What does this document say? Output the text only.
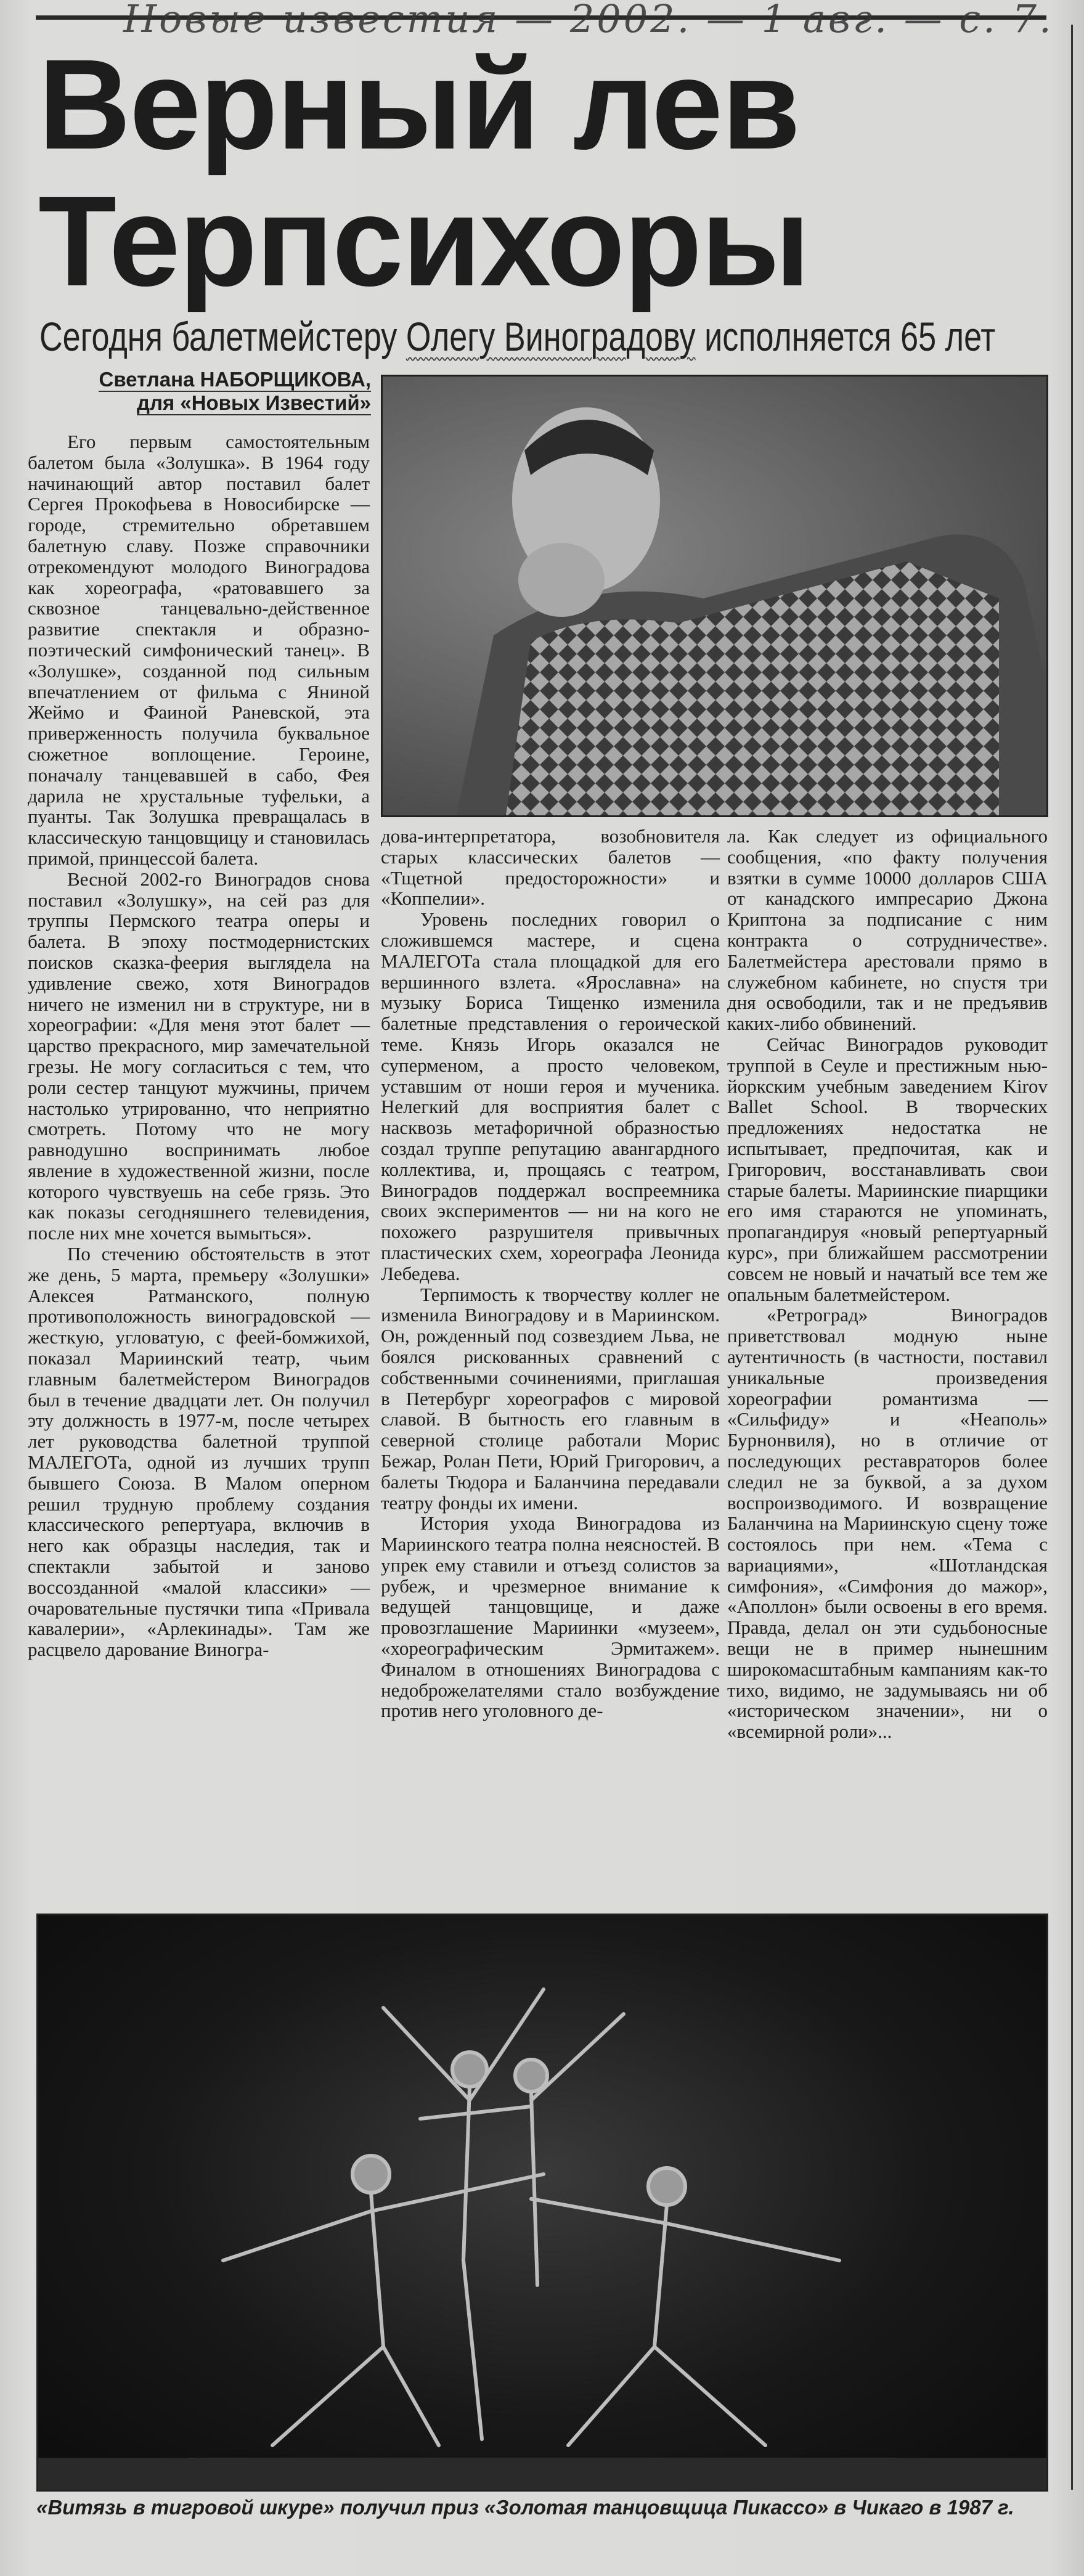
Новые известия — 2002. — 1 авг. — с. 7.
Верный лев
Терпсихоры
Сегодня балетмейстеру Олегу Виноградову исполняется 65 лет
Светлана НАБОРЩИКОВА,
для «Новых Известий»

Его первым самостоятельным балетом была «Золушка». В 1964 году начинающий автор поставил балет Сергея Прокофьева в Новосибирске — городе, стремительно обретавшем балетную славу. Позже справочники отрекомендуют молодого Виноградова как хореографа, «ратовавшего за сквозное танцевально-действенное развитие спектакля и образно-поэтический симфонический танец». В «Золушке», созданной под сильным впечатлением от фильма с Яниной Жеймо и Фаиной Раневской, эта приверженность получила буквальное сюжетное воплощение. Героине, поначалу танцевавшей в сабо, Фея дарила не хрустальные туфельки, а пуанты. Так Золушка превращалась в классическую танцовщицу и становилась примой, принцессой балета.

Весной 2002-го Виноградов снова поставил «Золушку», на сей раз для труппы Пермского театра оперы и балета. В эпоху постмодернистских поисков сказка-феерия выглядела на удивление свежо, хотя Виноградов ничего не изменил ни в структуре, ни в хореографии: «Для меня этот балет — царство прекрасного, мир замечательной грезы. Не могу согласиться с тем, что роли сестер танцуют мужчины, причем настолько утрированно, что неприятно смотреть. Потому что не могу равнодушно воспринимать любое явление в художественной жизни, после которого чувствуешь на себе грязь. Это как показы сегодняшнего телевидения, после них мне хочется вымыться».

По стечению обстоятельств в этот же день, 5 марта, премьеру «Золушки» Алексея Ратманского, полную противоположность виноградовской — жесткую, угловатую, с феей-бомжихой, показал Мариинский театр, чьим главным балетмейстером Виноградов был в течение двадцати лет. Он получил эту должность в 1977-м, после четырех лет руководства балетной труппой МАЛЕГОТа, одной из лучших трупп бывшего Союза. В Малом оперном решил трудную проблему создания классического репертуара, включив в него как образцы наследия, так и спектакли забытой и заново воссозданной «малой классики» — очаровательные пустячки типа «Привала кавалерии», «Арлекинады». Там же расцвело дарование Виногра-

дова-интерпретатора, возобновителя старых классических балетов — «Тщетной предосторожности» и «Коппелии».

Уровень последних говорил о сложившемся мастере, и сцена МАЛЕГОТа стала площадкой для его вершинного взлета. «Ярославна» на музыку Бориса Тищенко изменила балетные представления о героической теме. Князь Игорь оказался не суперменом, а просто человеком, уставшим от ноши героя и мученика. Нелегкий для восприятия балет с насквозь метафоричной образностью создал труппе репутацию авангардного коллектива, и, прощаясь с театром, Виноградов поддержал воспреемника своих экспериментов — ни на кого не похожего разрушителя привычных пластических схем, хореографа Леонида Лебедева.

Терпимость к творчеству коллег не изменила Виноградову и в Мариинском. Он, рожденный под созвездием Льва, не боялся рискованных сравнений с собственными сочинениями, приглашая в Петербург хореографов с мировой славой. В бытность его главным в северной столице работали Морис Бежар, Ролан Пети, Юрий Григорович, а балеты Тюдора и Баланчина передавали театру фонды их имени.

История ухода Виноградова из Мариинского театра полна неясностей. В упрек ему ставили и отъезд солистов за рубеж, и чрезмерное внимание к ведущей танцовщице, и даже провозглашение Мариинки «музеем», «хореографическим Эрмитажем». Финалом в отношениях Виноградова с недоброжелателями стало возбуждение против него уголовного де-

ла. Как следует из официального сообщения, «по факту получения взятки в сумме 10000 долларов США от канадского импресарио Джона Криптона за подписание с ним контракта о сотрудничестве». Балетмейстера арестовали прямо в служебном кабинете, но спустя три дня освободили, так и не предъявив каких-либо обвинений.

Сейчас Виноградов руководит труппой в Сеуле и престижным нью-йоркским учебным заведением Kirov Ballet School. В творческих предложениях недостатка не испытывает, предпочитая, как и Григорович, восстанавливать свои старые балеты. Мариинские пиарщики его имя стараются не упоминать, пропагандируя «новый репертуарный курс», при ближайшем рассмотрении совсем не новый и начатый все тем же опальным балетмейстером.

«Ретроград» Виноградов приветствовал модную ныне аутентичность (в частности, поставил уникальные произведения хореографии романтизма — «Сильфиду» и «Неаполь» Бурнонвиля), но в отличие от последующих реставраторов более следил не за буквой, а за духом воспроизводимого. И возвращение Баланчина на Мариинскую сцену тоже состоялось при нем. «Тема с вариациями», «Шотландская симфония», «Симфония до мажор», «Аполлон» были освоены в его время. Правда, делал он эти судьбоносные вещи не в пример нынешним широкомасштабным кампаниям как-то тихо, видимо, не задумываясь ни об «историческом значении», ни о «всемирной роли»...

«Витязь в тигровой шкуре» получил приз «Золотая танцовщица Пикассо» в Чикаго в 1987 г.
